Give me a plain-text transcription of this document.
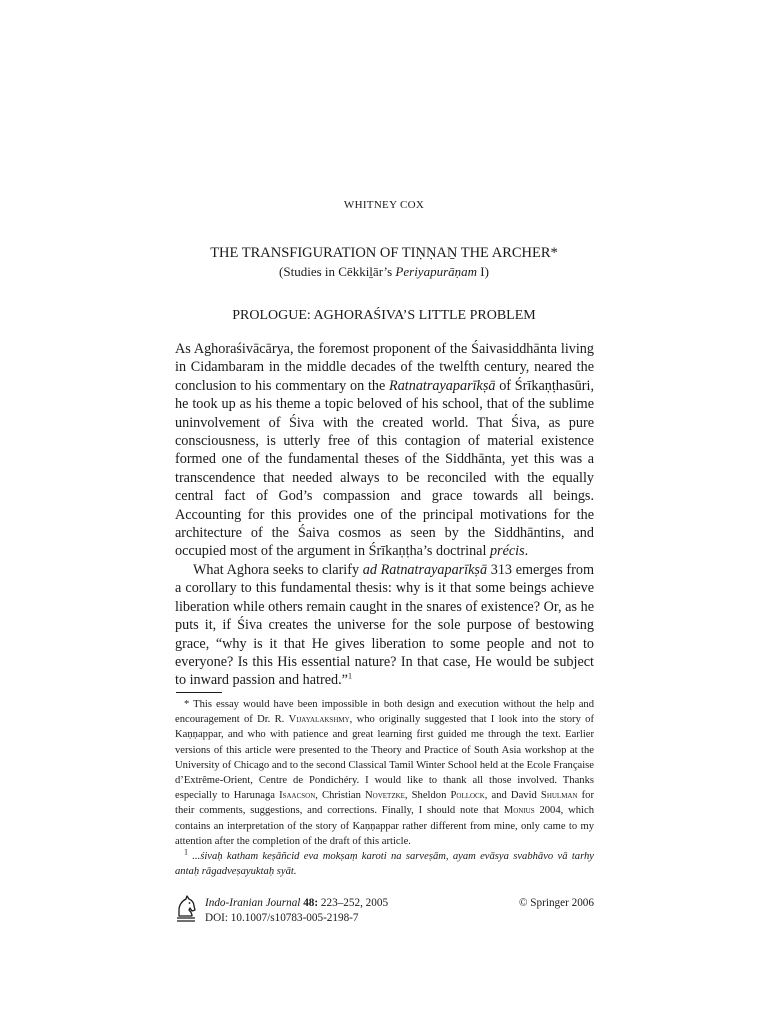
WHITNEY COX
THE TRANSFIGURATION OF TIṆṆAṈ THE ARCHER*
(Studies in Cēkkiḻār’s Periyapurāṇam I)
PROLOGUE: AGHORAŚIVA’S LITTLE PROBLEM

As Aghoraśivācārya, the foremost proponent of the Śaivasiddhānta living in Cidambaram in the middle decades of the twelfth century, neared the conclusion to his commentary on the Ratnatrayaparīkṣā of Śrīkaṇṭhasūri, he took up as his theme a topic beloved of his school, that of the sublime uninvolvement of Śiva with the created world. That Śiva, as pure consciousness, is utterly free of this contagion of material existence formed one of the fundamental theses of the Siddhānta, yet this was a transcendence that needed always to be reconciled with the equally central fact of God’s compassion and grace towards all beings. Accounting for this provides one of the principal motivations for the architecture of the Śaiva cosmos as seen by the Siddhāntins, and occupied most of the argument in Śrīkaṇṭha’s doctrinal précis.

What Aghora seeks to clarify ad Ratnatrayaparīkṣā 313 emerges from a corollary to this fundamental thesis: why is it that some beings achieve liberation while others remain caught in the snares of existence? Or, as he puts it, if Śiva creates the universe for the sole purpose of bestowing grace, “why is it that He gives liberation to some people and not to everyone? Is this His essential nature? In that case, He would be subject to inward passion and hatred.”$^1$

* This essay would have been impossible in both design and execution without the help and encouragement of Dr. R. Vijayalakshmy, who originally suggested that I look into the story of Kaṇṇappar, and who with patience and great learning first guided me through the text. Earlier versions of this article were presented to the Theory and Practice of South Asia workshop at the University of Chicago and to the second Classical Tamil Winter School held at the Ecole Française d’Extrême-Orient, Centre de Pondichéry. I would like to thank all those involved. Thanks especially to Harunaga Isaacson, Christian Novetzke, Sheldon Pollock, and David Shulman for their comments, suggestions, and corrections. Finally, I should note that Monius 2004, which contains an interpretation of the story of Kaṇṇappar rather different from mine, only came to my attention after the completion of the draft of this article.

$^1$ ...śivaḥ katham keṣāñcid eva mokṣaṃ karoti na sarveṣām, ayam evāsya svabhāvo vā tarhy antaḥ rāgadveṣayuktaḥ syāt.

Indo-Iranian Journal 48: 223–252, 2005
DOI: 10.1007/s10783-005-2198-7
© Springer 2006
